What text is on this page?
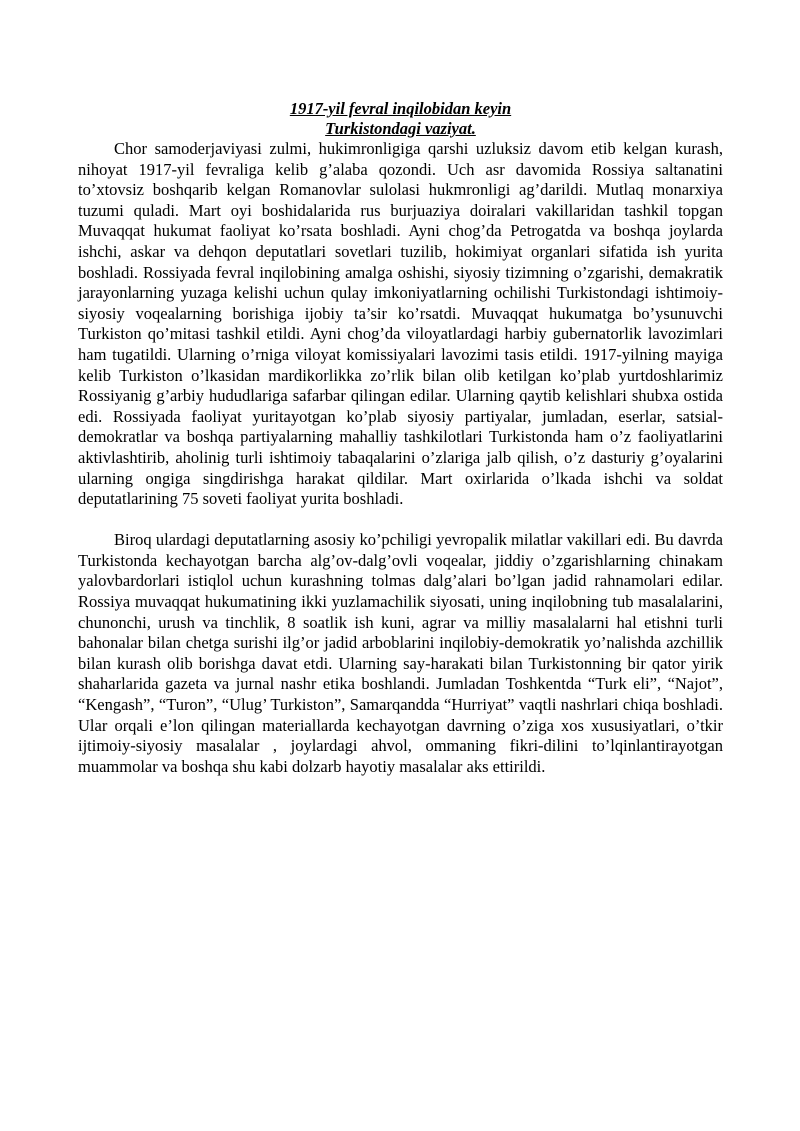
1917-yil fevral inqilobidan keyin
Turkistondagi vaziyat.

Chor samoderjaviyasi zulmi, hukimronligiga qarshi uzluksiz davom etib kelgan kurash, nihoyat 1917-yil fevraliga kelib g’alaba qozondi. Uch asr davomida Rossiya saltanatini to’xtovsiz boshqarib kelgan Romanovlar sulolasi hukmronligi ag’darildi. Mutlaq monarxiya tuzumi quladi. Mart oyi boshidalarida rus burjuaziya doiralari vakillaridan tashkil topgan Muvaqqat hukumat faoliyat ko’rsata boshladi. Ayni chog’da Petrogatda va boshqa joylarda ishchi, askar va dehqon deputatlari sovetlari tuzilib, hokimiyat organlari sifatida ish yurita boshladi. Rossiyada fevral inqilobining amalga oshishi, siyosiy tizimning o’zgarishi, demakratik jarayonlarning yuzaga kelishi uchun qulay imkoniyatlarning ochilishi Turkistondagi ishtimoiy-siyosiy voqealarning borishiga ijobiy ta’sir ko’rsatdi. Muvaqqat hukumatga bo’ysunuvchi Turkiston qo’mitasi tashkil etildi. Ayni chog’da viloyatlardagi harbiy gubernatorlik lavozimlari ham tugatildi. Ularning o’rniga viloyat komissiyalari lavozimi tasis etildi. 1917-yilning mayiga kelib Turkiston o’lkasidan mardikorlikka zo’rlik bilan olib ketilgan ko’plab yurtdoshlarimiz Rossiyanig g’arbiy hududlariga safarbar qilingan edilar. Ularning qaytib kelishlari shubxa ostida edi. Rossiyada faoliyat yuritayotgan ko’plab siyosiy partiyalar, jumladan, eserlar, satsial-demokratlar va boshqa partiyalarning mahalliy tashkilotlari Turkistonda ham o’z faoliyatlarini aktivlashtirib, aholinig turli ishtimoiy tabaqalarini o’zlariga jalb qilish, o’z dasturiy g’oyalarini ularning ongiga singdirishga harakat qildilar. Mart oxirlarida o’lkada ishchi va soldat deputatlarining 75 soveti faoliyat yurita boshladi.

Biroq ulardagi deputatlarning asosiy ko’pchiligi yevropalik milatlar vakillari edi. Bu davrda Turkistonda kechayotgan barcha alg’ov-dalg’ovli voqealar, jiddiy o’zgarishlarning chinakam yalovbardorlari istiqlol uchun kurashning tolmas dalg’alari bo’lgan jadid rahnamolari edilar. Rossiya muvaqqat hukumatining ikki yuzlamachilik siyosati, uning inqilobning tub masalalarini, chunonchi, urush va tinchlik, 8 soatlik ish kuni, agrar va milliy masalalarni hal etishni turli bahonalar bilan chetga surishi ilg’or jadid arboblarini inqilobiy-demokratik yo’nalishda azchillik bilan kurash olib borishga davat etdi. Ularning say-harakati bilan Turkistonning bir qator yirik shaharlarida gazeta va jurnal nashr etika boshlandi. Jumladan Toshkentda “Turk eli”, “Najot”, “Kengash”, “Turon”, “Ulug’ Turkiston”, Samarqandda “Hurriyat” vaqtli nashrlari chiqa boshladi. Ular orqali e’lon qilingan materiallarda kechayotgan davrning o’ziga xos xususiyatlari, o’tkir ijtimoiy-siyosiy masalalar , joylardagi ahvol, ommaning fikri-dilini to’lqinlantirayotgan muammolar va boshqa shu kabi dolzarb hayotiy masalalar aks ettirildi.
